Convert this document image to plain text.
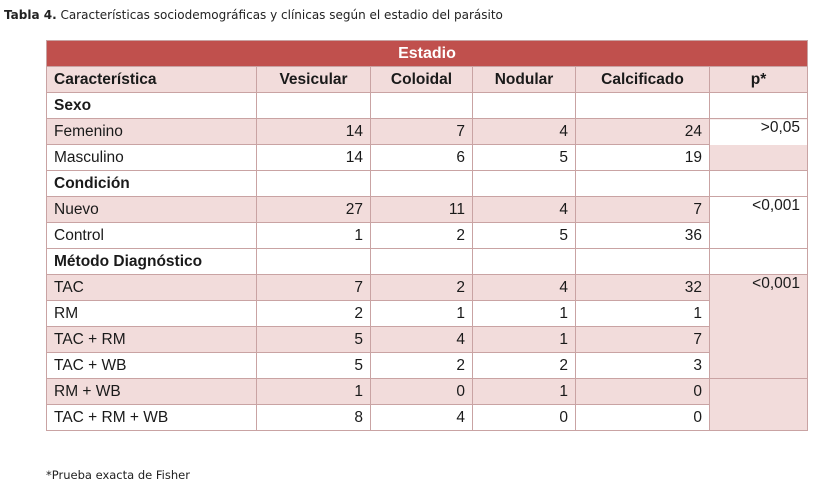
Tabla 4. Características sociodemográficas y clínicas según el estadio del parásito
Estadio					
Característica	Vesicular	Coloidal	Nodular	Calcificado	p*
Sexo					
Femenino	14	7	4	24	>0,05
Masculino	14	6	5	19	
Condición					
Nuevo	27	11	4	7	<0,001
Control	1	2	5	36	
Método Diagnóstico					
TAC	7	2	4	32	<0,001
RM	2	1	1	1	
TAC + RM	5	4	1	7	
TAC + WB	5	2	2	3	
RM + WB	1	0	1	0	
TAC + RM + WB	8	4	0	0	
*Prueba exacta de Fisher
